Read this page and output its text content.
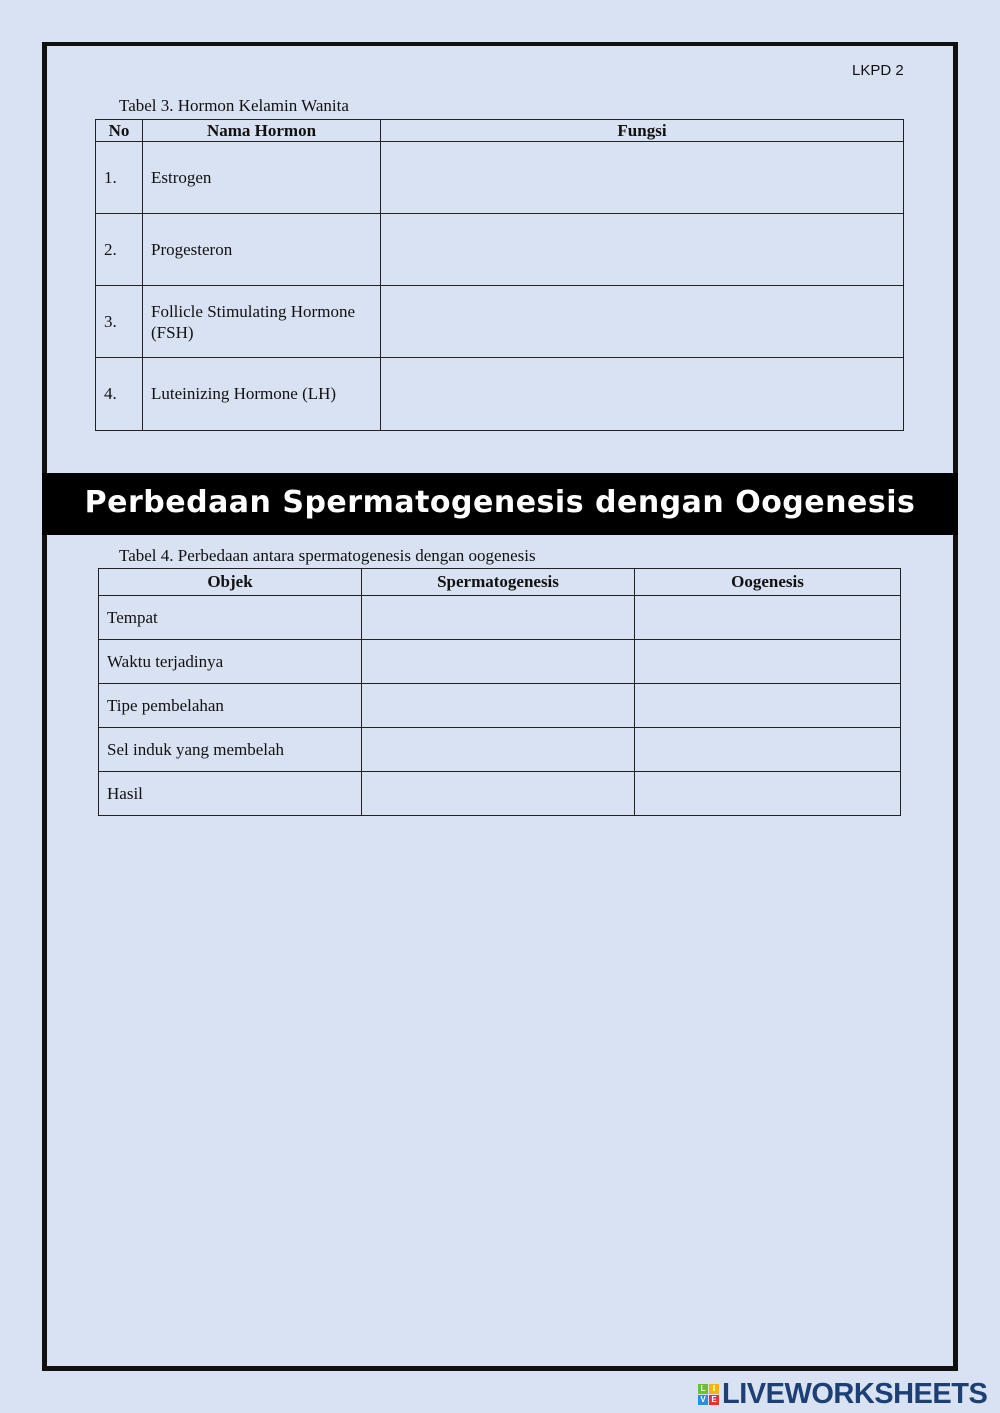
LKPD 2
Tabel 3. Hormon Kelamin Wanita
No	Nama Hormon	Fungsi
1.	Estrogen	
2.	Progesteron	
3.	Follicle Stimulating Hormone (FSH)	
4.	Luteinizing Hormone (LH)	
Perbedaan Spermatogenesis dengan Oogenesis
Tabel 4. Perbedaan antara spermatogenesis dengan oogenesis
Objek	Spermatogenesis	Oogenesis
Tempat		
Waktu terjadinya		
Tipe pembelahan		
Sel induk yang membelah		
Hasil		
L I
V E LIVEWORKSHEETS
